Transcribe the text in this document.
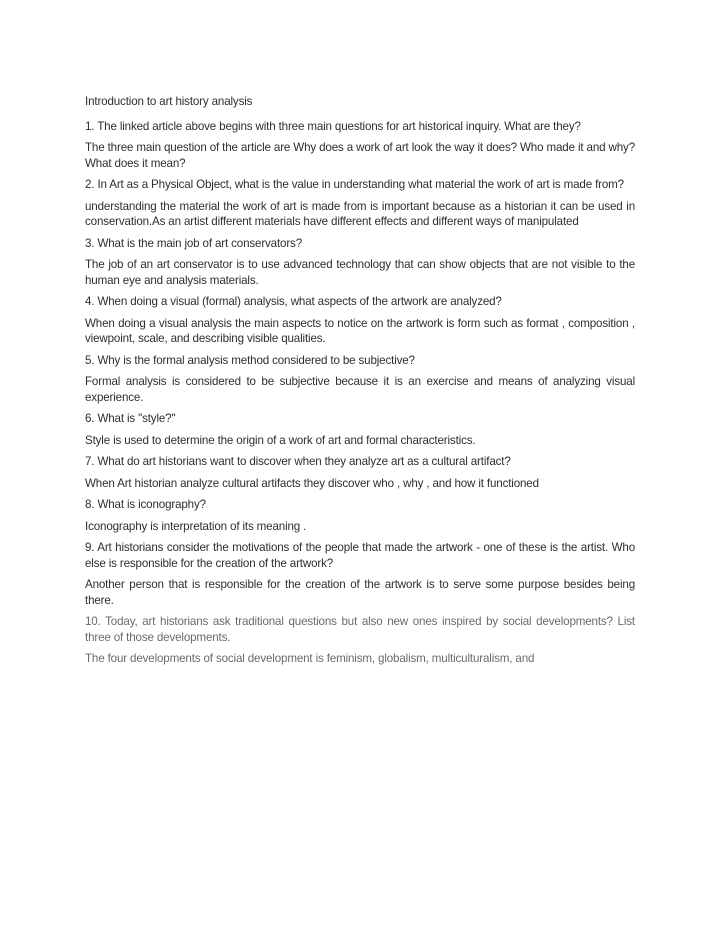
Introduction to art history analysis

1. The linked article above begins with three main questions for art historical inquiry. What are they?

The three main question of the article are Why does a work of art look the way it does? Who made it and why? What does it mean?

2. In Art as a Physical Object, what is the value in understanding what material the work of art is made from?

understanding the material the work of art is made from is important because as a historian it can be used in conservation.As an artist different materials have different effects and different ways of manipulated

3. What is the main job of art conservators?

The job of an art conservator is to use advanced technology that can show objects that are not visible to the human eye and analysis materials.

4. When doing a visual (formal) analysis, what aspects of the artwork are analyzed?

When doing a visual analysis the main aspects to notice on the artwork is form such as format , composition , viewpoint, scale, and describing visible qualities.

5. Why is the formal analysis method considered to be subjective?

Formal analysis is considered to be subjective because it is an exercise and means of analyzing visual experience.

6. What is "style?"

Style is used to determine the origin of a work of art and formal characteristics.

7. What do art historians want to discover when they analyze art as a cultural artifact?

When Art historian analyze cultural artifacts they discover who , why , and how it functioned

8. What is iconography?

Iconography is interpretation of its meaning .

9. Art historians consider the motivations of the people that made the artwork - one of these is the artist. Who else is responsible for the creation of the artwork?

Another person that is responsible for the creation of the artwork is to serve some purpose besides being there.

10. Today, art historians ask traditional questions but also new ones inspired by social developments? List three of those developments.

The four developments of social development is feminism, globalism, multiculturalism, and
